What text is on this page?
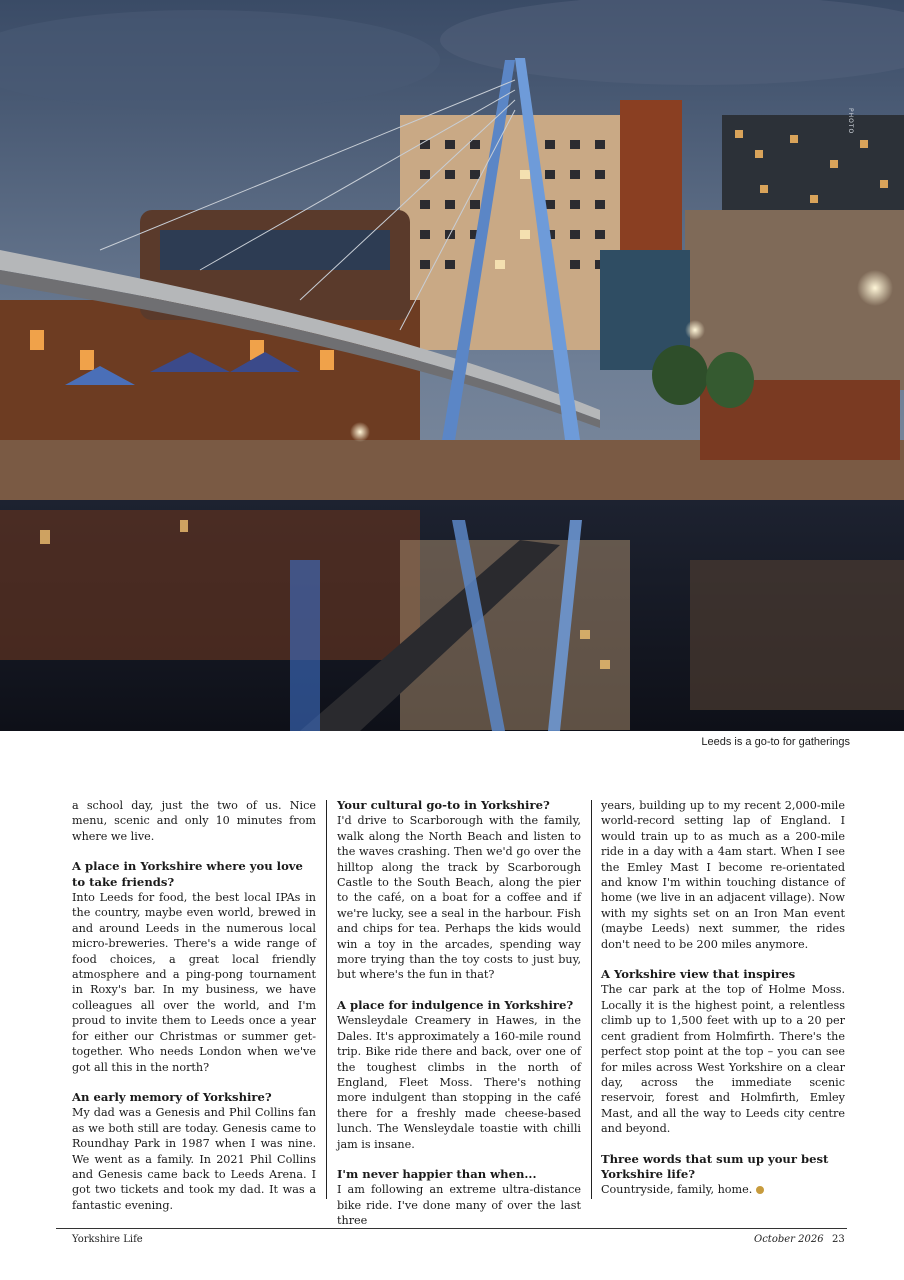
PHOTO
Leeds is a go-to for gatherings

a school day, just the two of us. Nice menu, scenic and only 10 minutes from where we live.

A place in Yorkshire where you love to take friends?

Into Leeds for food, the best local IPAs in the country, maybe even world, brewed in and around Leeds in the numerous local micro-breweries. There's a wide range of food choices, a great local friendly atmosphere and a ping-pong tournament in Roxy's bar. In my business, we have colleagues all over the world, and I'm proud to invite them to Leeds once a year for either our Christmas or summer get-together. Who needs London when we've got all this in the north?

An early memory of Yorkshire?

My dad was a Genesis and Phil Collins fan as we both still are today. Genesis came to Roundhay Park in 1987 when I was nine. We went as a family. In 2021 Phil Collins and Genesis came back to Leeds Arena. I got two tickets and took my dad. It was a fantastic evening.

Your cultural go-to in Yorkshire?

I'd drive to Scarborough with the family, walk along the North Beach and listen to the waves crashing. Then we'd go over the hilltop along the track by Scarborough Castle to the South Beach, along the pier to the café, on a boat for a coffee and if we're lucky, see a seal in the harbour. Fish and chips for tea. Perhaps the kids would win a toy in the arcades, spending way more trying than the toy costs to just buy, but where's the fun in that?

A place for indulgence in Yorkshire?

Wensleydale Creamery in Hawes, in the Dales. It's approximately a 160-mile round trip. Bike ride there and back, over one of the toughest climbs in the north of England, Fleet Moss. There's nothing more indulgent than stopping in the café there for a freshly made cheese-based lunch. The Wensleydale toastie with chilli jam is insane.

I'm never happier than when...

I am following an extreme ultra-distance bike ride. I've done many of over the last three

years, building up to my recent 2,000-mile world-record setting lap of England. I would train up to as much as a 200-mile ride in a day with a 4am start. When I see the Emley Mast I become re-orientated and know I'm within touching distance of home (we live in an adjacent village). Now with my sights set on an Iron Man event (maybe Leeds) next summer, the rides don't need to be 200 miles anymore.

A Yorkshire view that inspires

The car park at the top of Holme Moss. Locally it is the highest point, a relentless climb up to 1,500 feet with up to a 20 per cent gradient from Holmfirth. There's the perfect stop point at the top – you can see for miles across West Yorkshire on a clear day, across the immediate scenic reservoir, forest and Holmfirth, Emley Mast, and all the way to Leeds city centre and beyond.

Three words that sum up your best Yorkshire life?

Countryside, family, home.

Yorkshire Life	October 2026 23
